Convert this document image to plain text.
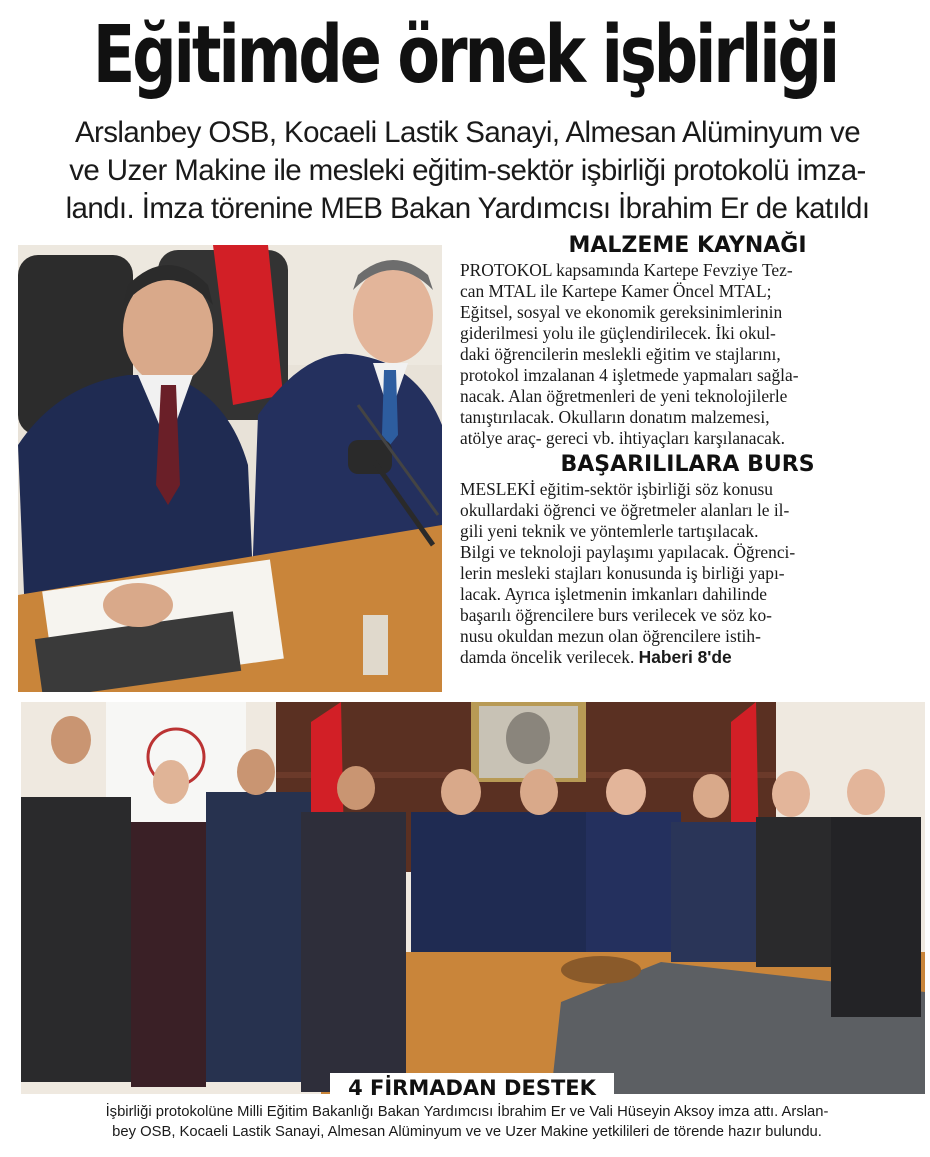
Eğitimde örnek işbirliği
Arslanbey OSB, Kocaeli Lastik Sanayi, Almesan Alüminyum ve
ve Uzer Makine ile mesleki eğitim-sektör işbirliği protokolü imza-
landı. İmza törenine MEB Bakan Yardımcısı İbrahim Er de katıldı
MALZEME KAYNAĞI
PROTOKOL kapsamında Kartepe Fevziye Tez-
can MTAL ile Kartepe Kamer Öncel MTAL;
Eğitsel, sosyal ve ekonomik gereksinimlerinin
giderilmesi yolu ile güçlendirilecek. İki okul-
daki öğrencilerin meslekli eğitim ve stajlarını,
protokol imzalanan 4 işletmede yapmaları sağla-
nacak. Alan öğretmenleri de yeni teknolojilerle
tanıştırılacak. Okulların donatım malzemesi,
atölye araç- gereci vb. ihtiyaçları karşılanacak.
BAŞARILILARA BURS
MESLEKİ eğitim-sektör işbirliği söz konusu
okullardaki öğrenci ve öğretmeler alanları le il-
gili yeni teknik ve yöntemlerle tartışılacak.
Bilgi ve teknoloji paylaşımı yapılacak. Öğrenci-
lerin mesleki stajları konusunda iş birliği yapı-
lacak. Ayrıca işletmenin imkanları dahilinde
başarılı öğrencilere burs verilecek ve söz ko-
nusu okuldan mezun olan öğrencilere istih-
damda öncelik verilecek. Haberi 8'de
4 FİRMADAN DESTEK
İşbirliği protokolüne Milli Eğitim Bakanlığı Bakan Yardımcısı İbrahim Er ve Vali Hüseyin Aksoy imza attı. Arslan-
bey OSB, Kocaeli Lastik Sanayi, Almesan Alüminyum ve ve Uzer Makine yetkilileri de törende hazır bulundu.
